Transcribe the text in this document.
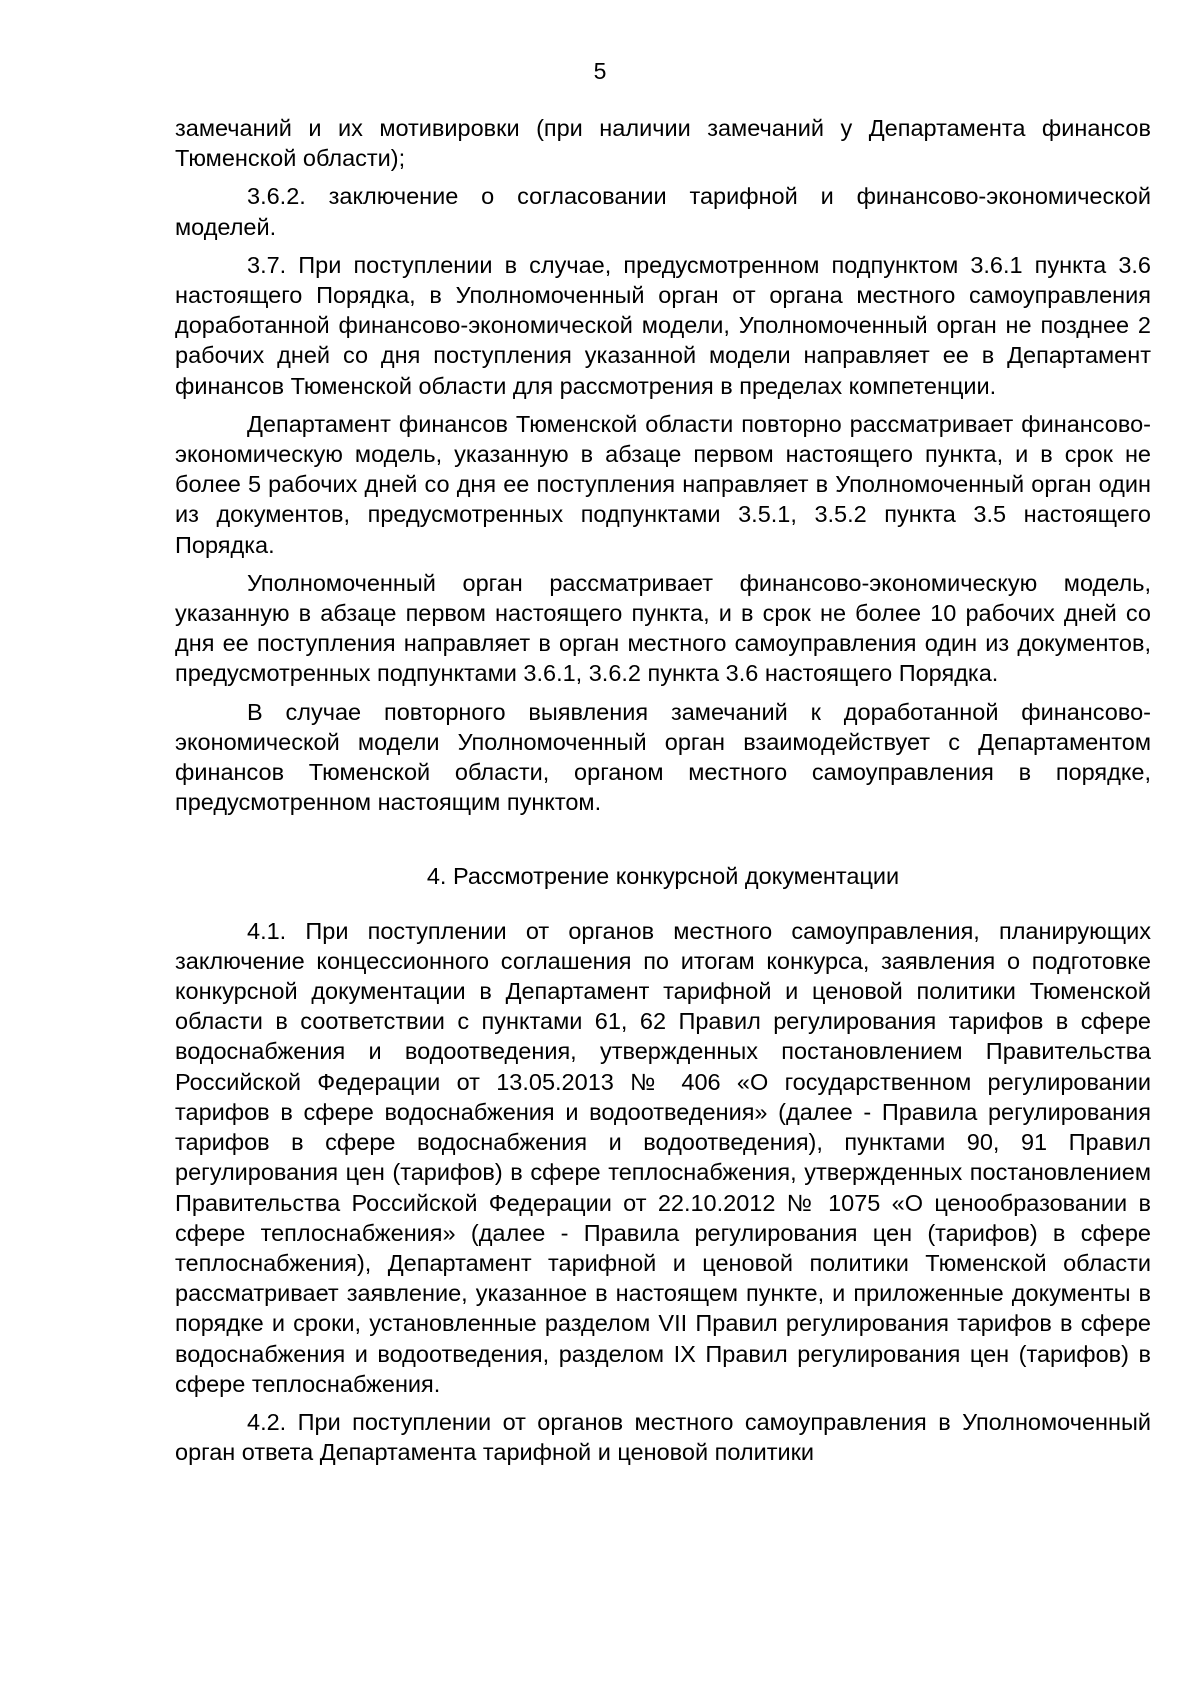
5

замечаний и их мотивировки (при наличии замечаний у Департамента финансов Тюменской области);

3.6.2. заключение о согласовании тарифной и финансово-экономической моделей.

3.7. При поступлении в случае, предусмотренном подпунктом 3.6.1 пункта 3.6 настоящего Порядка, в Уполномоченный орган от органа местного самоуправления доработанной финансово-экономической модели, Уполномоченный орган не позднее 2 рабочих дней со дня поступления указанной модели направляет ее в Департамент финансов Тюменской области для рассмотрения в пределах компетенции.

Департамент финансов Тюменской области повторно рассматривает финансово-экономическую модель, указанную в абзаце первом настоящего пункта, и в срок не более 5 рабочих дней со дня ее поступления направляет в Уполномоченный орган один из документов, предусмотренных подпунктами 3.5.1, 3.5.2 пункта 3.5 настоящего Порядка.

Уполномоченный орган рассматривает финансово-экономическую модель, указанную в абзаце первом настоящего пункта, и в срок не более 10 рабочих дней со дня ее поступления направляет в орган местного самоуправления один из документов, предусмотренных подпунктами 3.6.1, 3.6.2 пункта 3.6 настоящего Порядка.

В случае повторного выявления замечаний к доработанной финансово-экономической модели Уполномоченный орган взаимодействует с Департаментом финансов Тюменской области, органом местного самоуправления в порядке, предусмотренном настоящим пунктом.

4. Рассмотрение конкурсной документации

4.1. При поступлении от органов местного самоуправления, планирующих заключение концессионного соглашения по итогам конкурса, заявления о подготовке конкурсной документации в Департамент тарифной и ценовой политики Тюменской области в соответствии с пунктами 61, 62 Правил регулирования тарифов в сфере водоснабжения и водоотведения, утвержденных постановлением Правительства Российской Федерации от 13.05.2013 № 406 «О государственном регулировании тарифов в сфере водоснабжения и водоотведения» (далее - Правила регулирования тарифов в сфере водоснабжения и водоотведения), пунктами 90, 91 Правил регулирования цен (тарифов) в сфере теплоснабжения, утвержденных постановлением Правительства Российской Федерации от 22.10.2012 № 1075 «О ценообразовании в сфере теплоснабжения» (далее - Правила регулирования цен (тарифов) в сфере теплоснабжения), Департамент тарифной и ценовой политики Тюменской области рассматривает заявление, указанное в настоящем пункте, и приложенные документы в порядке и сроки, установленные разделом VII Правил регулирования тарифов в сфере водоснабжения и водоотведения, разделом IX Правил регулирования цен (тарифов) в сфере теплоснабжения.

4.2. При поступлении от органов местного самоуправления в Уполномоченный орган ответа Департамента тарифной и ценовой политики
